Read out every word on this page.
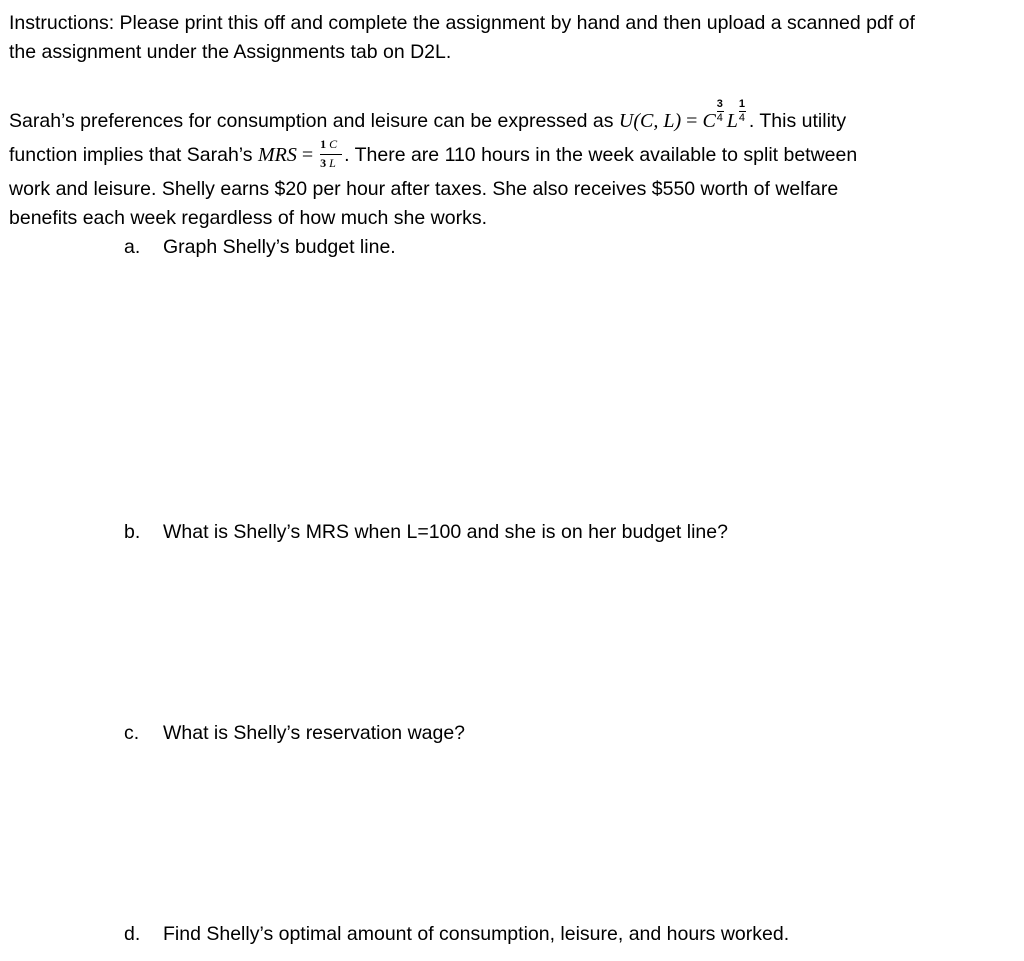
Instructions: Please print this off and complete the assignment by hand and then upload a scanned pdf of
the assignment under the Assignments tab on D2L.
Sarah’s preferences for consumption and leisure can be expressed as U(C, L) = C $\frac{3}{4}$ L $\frac{1}{4}$ . This utility
function implies that Sarah’s MRS = $\frac{1C}{3L}$ . There are 110 hours in the week available to split between
work and leisure. Shelly earns $20 per hour after taxes. She also receives $550 worth of welfare
benefits each week regardless of how much she works.
a. Graph Shelly’s budget line.
b. What is Shelly’s MRS when L=100 and she is on her budget line?
c. What is Shelly’s reservation wage?
d. Find Shelly’s optimal amount of consumption, leisure, and hours worked.
